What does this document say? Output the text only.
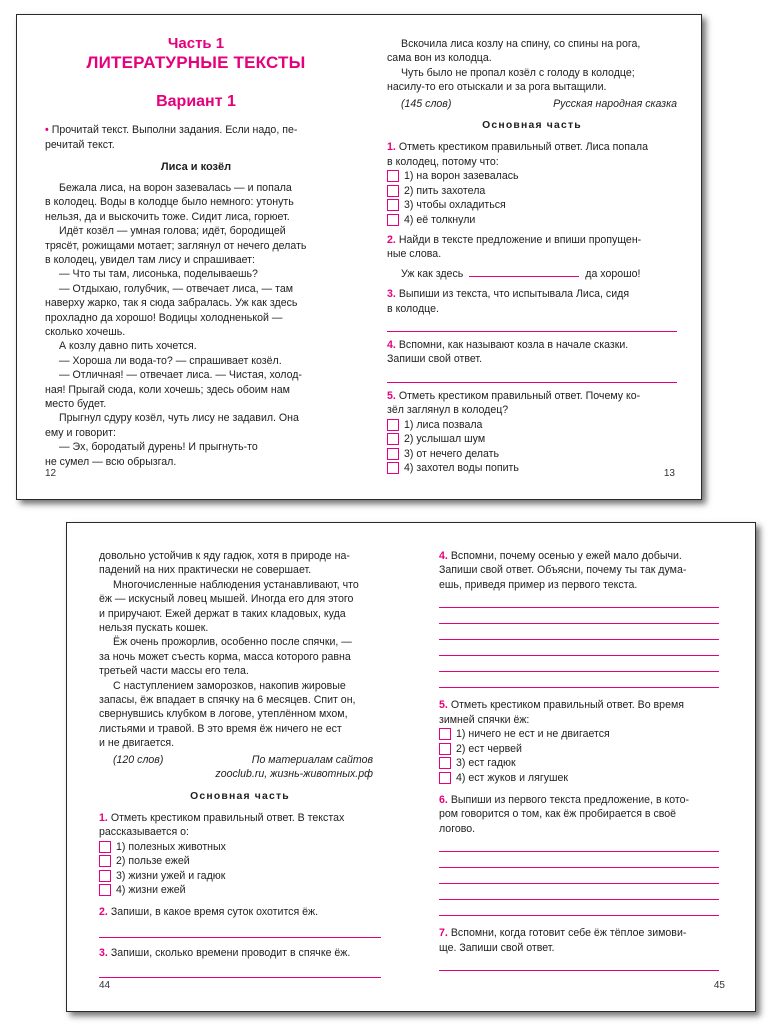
Часть 1
ЛИТЕРАТУРНЫЕ ТЕКСТЫ
Вариант 1

• Прочитай текст. Выполни задания. Если надо, пе-

речитай текст.

Лиса и козёл

Бежала лиса, на ворон зазевалась — и попала

в колодец. Воды в колодце было немного: утонуть

нельзя, да и выскочить тоже. Сидит лиса, горюет.

Идёт козёл — умная голова; идёт, бородищей

трясёт, рожищами мотает; заглянул от нечего делать

в колодец, увидел там лису и спрашивает:

— Что ты там, лисонька, поделываешь?

— Отдыхаю, голубчик, — отвечает лиса, — там

наверху жарко, так я сюда забралась. Уж как здесь

прохладно да хорошо! Водицы холодненькой —

сколько хочешь.

А козлу давно пить хочется.

— Хороша ли вода-то? — спрашивает козёл.

— Отличная! — отвечает лиса. — Чистая, холод-

ная! Прыгай сюда, коли хочешь; здесь обоим нам

место будет.

Прыгнул сдуру козёл, чуть лису не задавил. Она

ему и говорит:

— Эх, бородатый дурень! И прыгнуть-то

не сумел — всю обрызгал.

12

Вскочила лиса козлу на спину, со спины на рога,

сама вон из колодца.

Чуть было не пропал козёл с голоду в колодце;

насилу-то его отыскали и за рога вытащили.

(145 слов)	Русская народная сказка
Основная часть

1. Отметь крестиком правильный ответ. Лиса попала

в колодец, потому что:

1) на ворон зазевалась
2) пить захотела
3) чтобы охладиться
4) её толкнули

2. Найди в тексте предложение и впиши пропущен-

ные слова.

Уж как здесь	да хорошо!

3. Выпиши из текста, что испытывала Лиса, сидя

в колодце.

4. Вспомни, как называют козла в начале сказки.

Запиши свой ответ.

5. Отметь крестиком правильный ответ. Почему ко-

зёл заглянул в колодец?

1) лиса позвала
2) услышал шум
3) от нечего делать
4) захотел воды попить	13

довольно устойчив к яду гадюк, хотя в природе на-

падений на них практически не совершает.

Многочисленные наблюдения устанавливают, что

ёж — искусный ловец мышей. Иногда его для этого

и приручают. Ежей держат в таких кладовых, куда

нельзя пускать кошек.

Ёж очень прожорлив, особенно после спячки, —

за ночь может съесть корма, масса которого равна

третьей части массы его тела.

С наступлением заморозков, накопив жировые

запасы, ёж впадает в спячку на 6 месяцев. Спит он,

свернувшись клубком в логове, утеплённом мхом,

листьями и травой. В это время ёж ничего не ест

и не двигается.

(120 слов)	По материалам сайтов

zooclub.ru, жизнь-животных.рф

Основная часть

1. Отметь крестиком правильный ответ. В текстах

рассказывается о:

1) полезных животных
2) пользе ежей
3) жизни ужей и гадюк
4) жизни ежей

2. Запиши, в какое время суток охотится ёж.

3. Запиши, сколько времени проводит в спячке ёж.

44

4. Вспомни, почему осенью у ежей мало добычи.

Запиши свой ответ. Объясни, почему ты так дума-

ешь, приведя пример из первого текста.

5. Отметь крестиком правильный ответ. Во время

зимней спячки ёж:

1) ничего не ест и не двигается
2) ест червей
3) ест гадюк
4) ест жуков и лягушек

6. Выпиши из первого текста предложение, в кото-

ром говорится о том, как ёж пробирается в своё

логово.

7. Вспомни, когда готовит себе ёж тёплое зимови-

ще. Запиши свой ответ.

45
